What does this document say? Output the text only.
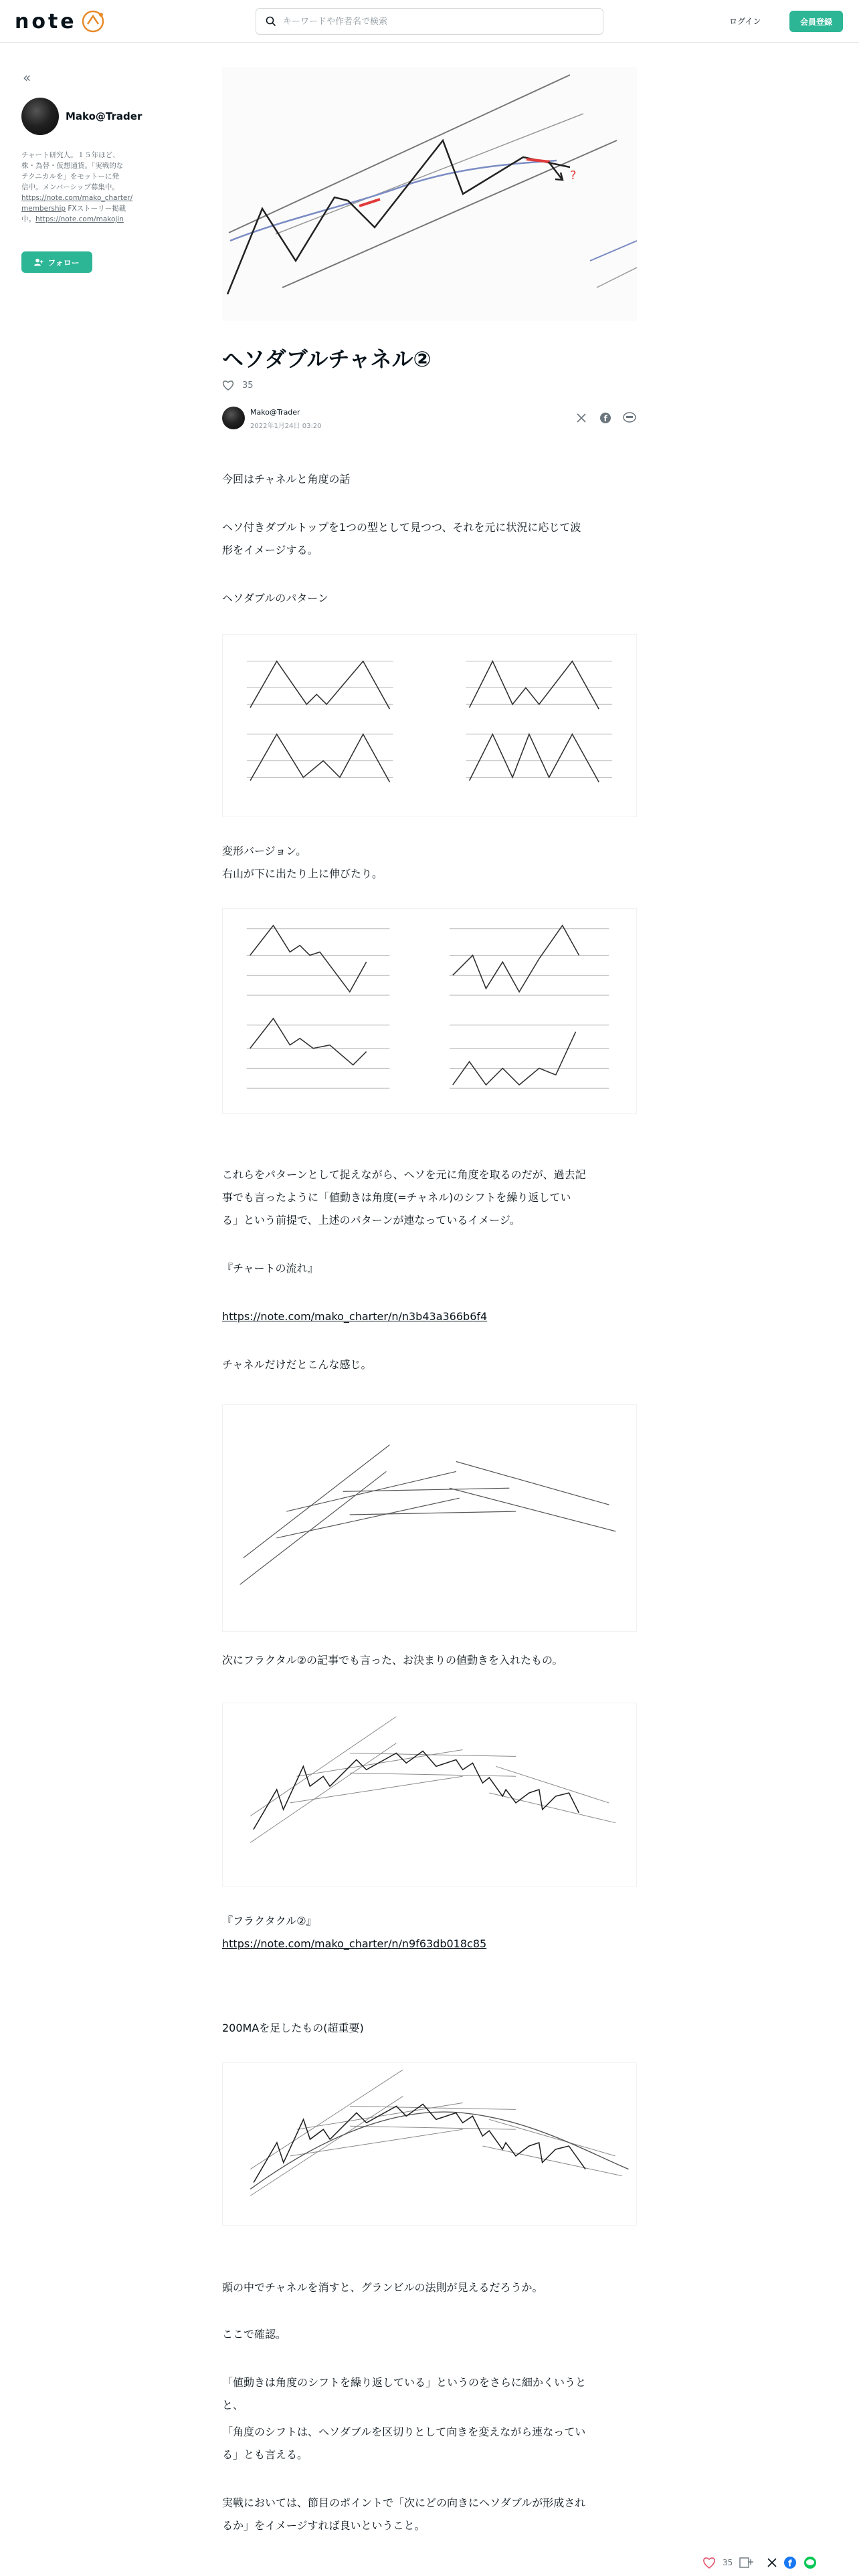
note
キーワードや作者名で検索	ログイン	会員登録
«
Mako@Trader
チャート研究人。１５年ほど、
株・為替・仮想通貨。「実戦的な
テクニカルを」をモットーに発
信中。メンバーシップ募集中。
https://note.com/mako_charter/
membership FXストーリー掲載
中。https://note.com/makojin
フォロー
?
ヘソダブルチャネル②
35
Mako@Trader
2022年1月24日 03:20
f

今回はチャネルと角度の話

ヘソ付きダブルトップを1つの型として見つつ、それを元に状況に応じて波

形をイメージする。

ヘソダブルのパターン

変形バージョン。

右山が下に出たり上に伸びたり。

これらをパターンとして捉えながら、ヘソを元に角度を取るのだが、過去記

事でも言ったように「値動きは角度(=チャネル)のシフトを繰り返してい

る」という前提で、上述のパターンが連なっているイメージ。

『チャートの流れ』

https://note.com/mako_charter/n/n3b43a366b6f4

チャネルだけだとこんな感じ。

次にフラクタル②の記事でも言った、お決まりの値動きを入れたもの。

『フラクタクル②』

https://note.com/mako_charter/n/n9f63db018c85

200MAを足したもの(超重要)

頭の中でチャネルを消すと、グランビルの法則が見えるだろうか。

ここで確認。

「値動きは角度のシフトを繰り返している」というのをさらに細かくいうと

と、

「角度のシフトは、ヘソダブルを区切りとして向きを変えながら連なってい

る」とも言える。

実戦においては、節目のポイントで「次にどの向きにヘソダブルが形成され

るか」をイメージすれば良いということ。

35	f
